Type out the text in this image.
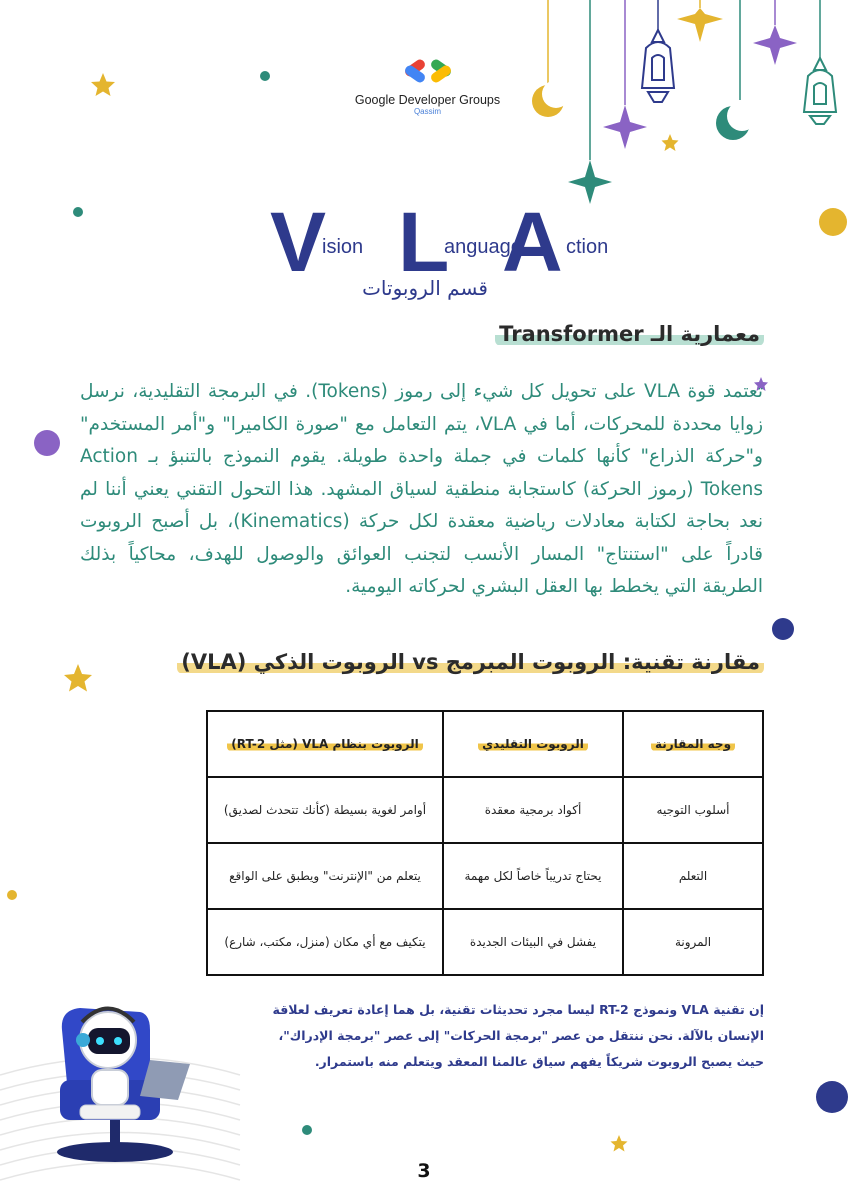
Google Developer Groups
Qassim
V
ision L
anguage
A ction
قسم الروبوتات
معمارية الـ Transformer
تعتمد قوة VLA على تحويل كل شيء إلى رموز (Tokens). في البرمجة التقليدية، نرسل زوايا محددة للمحركات، أما في VLA، يتم التعامل مع "صورة الكاميرا" و"أمر المستخدم" و"حركة الذراع" كأنها كلمات في جملة واحدة طويلة. يقوم النموذج بالتنبؤ بـ Action Tokens (رموز الحركة) كاستجابة منطقية لسياق المشهد. هذا التحول التقني يعني أننا لم نعد بحاجة لكتابة معادلات رياضية معقدة لكل حركة (Kinematics)، بل أصبح الروبوت قادراً على "استنتاج" المسار الأنسب لتجنب العوائق والوصول للهدف، محاكياً بذلك الطريقة التي يخطط بها العقل البشري لحركاته اليومية.
مقارنة تقنية: الروبوت المبرمج vs الروبوت الذكي (VLA)
وجه المقارنة	الروبوت التقليدي	الروبوت بنظام VLA (مثل RT-2)
أسلوب التوجيه	أكواد برمجية معقدة	أوامر لغوية بسيطة (كأنك تتحدث لصديق)
التعلم	يحتاج تدريباً خاصاً لكل مهمة	يتعلم من "الإنترنت" ويطبق على الواقع
المرونة	يفشل في البيئات الجديدة	يتكيف مع أي مكان (منزل، مكتب، شارع)
إن تقنية VLA ونموذج RT-2 ليسا مجرد تحديثات تقنية، بل هما إعادة تعريف لعلاقة الإنسان بالآلة. نحن ننتقل من عصر "برمجة الحركات" إلى عصر "برمجة الإدراك"، حيث يصبح الروبوت شريكاً يفهم سياق عالمنا المعقد ويتعلم منه باستمرار.
3
